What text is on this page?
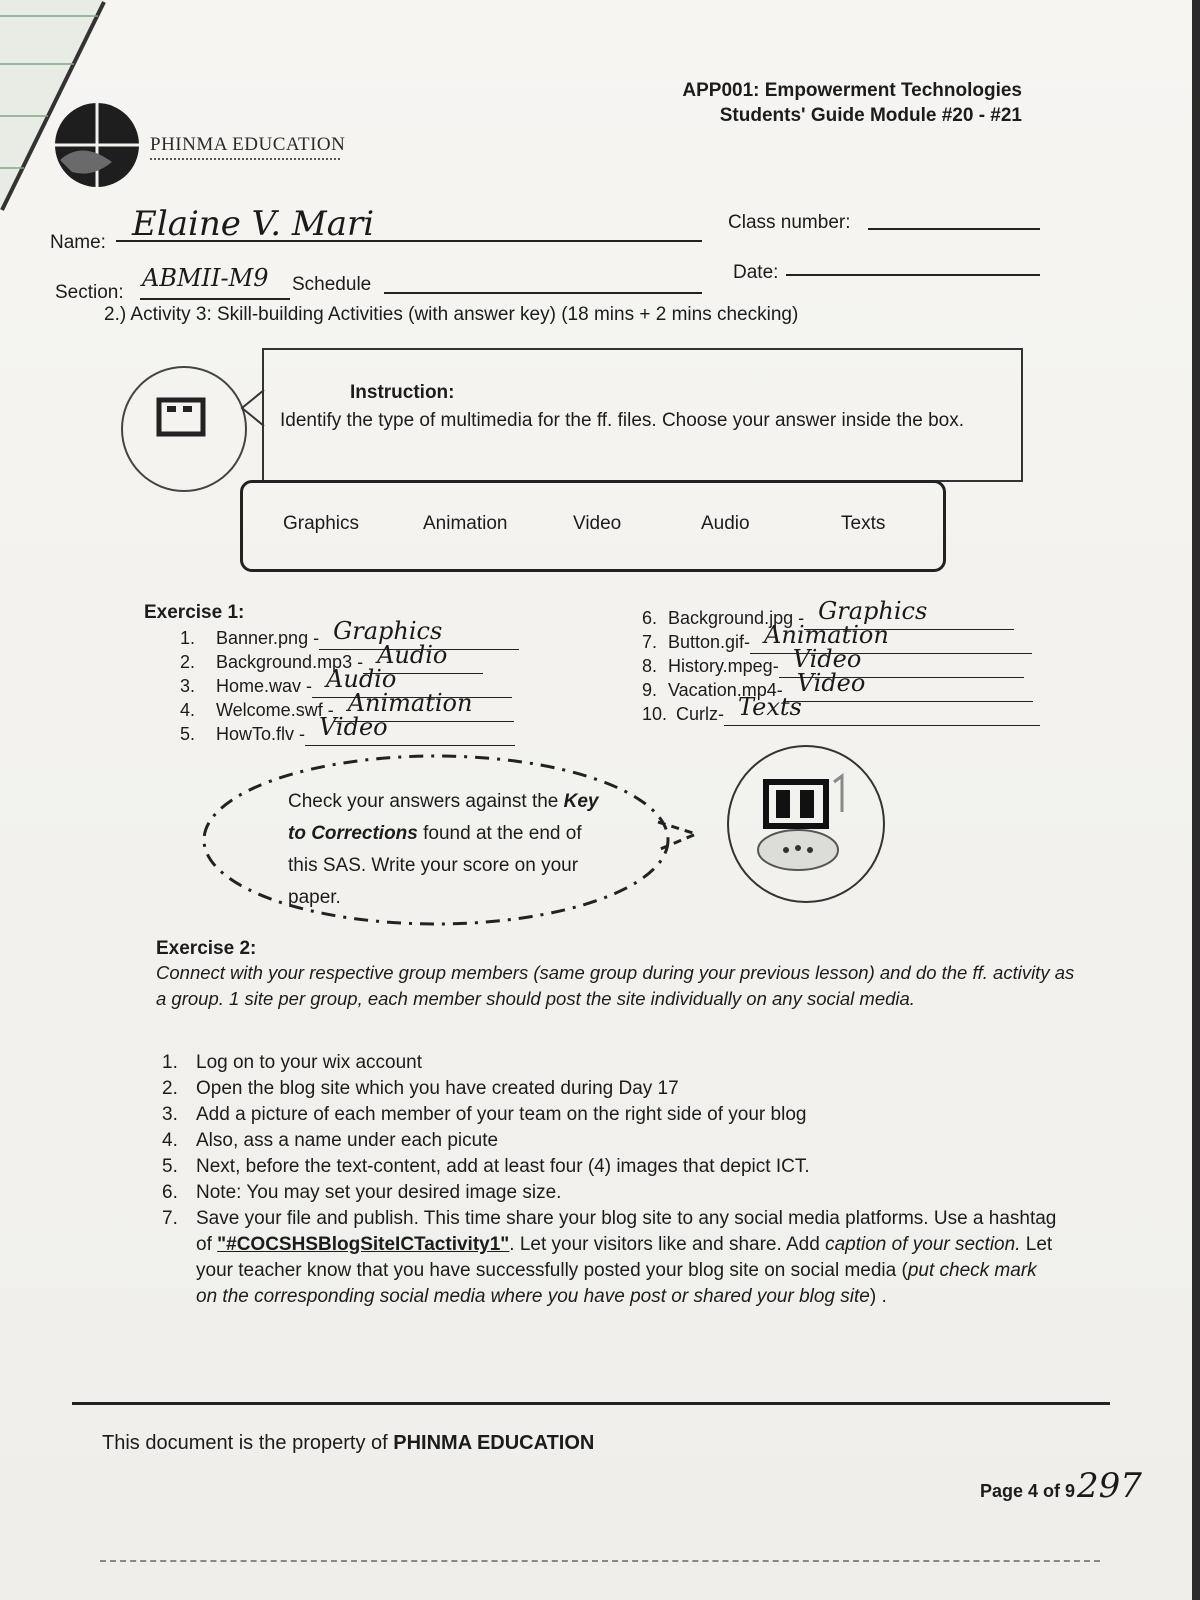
PHINMA EDUCATION
APP001: Empowerment Technologies
Students' Guide Module #20 - #21
Name: Elaine V. Mari	Class number:
Section:
ABMII-M9 Schedule
Date:
2.) Activity 3: Skill-building Activities (with answer key) (18 mins + 2 mins checking)
Instruction:
Identify the type of multimedia for the ff. files. Choose your answer inside the box.
Graphics	Animation	Video	Audio	Texts
Exercise 1:
1.	Banner.png - Graphics
2.	Background.mp3 - Audio
3.	Home.wav - Audio
4.	Welcome.swf - Animation
5.	HowTo.flv - Video
6. Background.jpg - Graphics
7. Button.gif- Animation
8. History.mpeg- Video
9. Vacation.mp4- Video
10. Curlz- Texts
Check your answers against the Key to Corrections found at the end of this SAS. Write your score on your paper.
Exercise 2:
Connect with your respective group members (same group during your previous lesson) and do the ff. activity as a group. 1 site per group, each member should post the site individually on any social media.
1. Log on to your wix account
2. Open the blog site which you have created during Day 17
3. Add a picture of each member of your team on the right side of your blog
4. Also, ass a name under each picute
5. Next, before the text-content, add at least four (4) images that depict ICT.
6. Note: You may set your desired image size.
7. Save your file and publish. This time share your blog site to any social media platforms. Use a hashtag of "#COCSHSBlogSiteICTactivity1". Let your visitors like and share. Add caption of your section. Let your teacher know that you have successfully posted your blog site on social media (put check mark on the corresponding social media where you have post or shared your blog site) .
This document is the property of PHINMA EDUCATION
Page 4 of 9297
